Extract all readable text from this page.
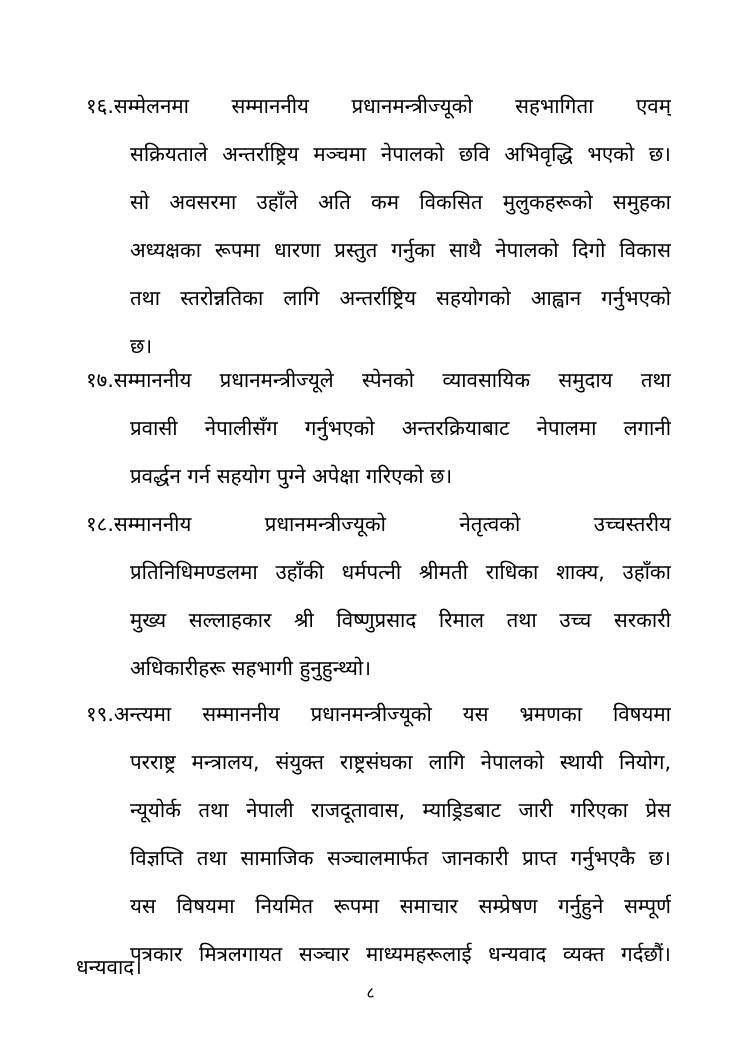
१६.सम्मेलनमा सम्माननीय प्रधानमन्त्रीज्यूको सहभागिता एवम्
सक्रियताले अन्तर्राष्ट्रिय मञ्चमा नेपालको छवि अभिवृद्धि भएको छ।
सो अवसरमा उहाँले अति कम विकसित मुलुकहरूको समुहका
अध्यक्षका रूपमा धारणा प्रस्तुत गर्नुका साथै नेपालको दिगो विकास
तथा स्तरोन्नतिका लागि अन्तर्राष्ट्रिय सहयोगको आह्वान गर्नुभएको
छ।
१७.सम्माननीय प्रधानमन्त्रीज्यूले स्पेनको व्यावसायिक समुदाय तथा
प्रवासी नेपालीसँग गर्नुभएको अन्तरक्रियाबाट नेपालमा लगानी
प्रवर्द्धन गर्न सहयोग पुग्ने अपेक्षा गरिएको छ।
१८.सम्माननीय	प्रधानमन्त्रीज्यूको	नेतृत्वको	उच्चस्तरीय
प्रतिनिधिमण्डलमा उहाँकी धर्मपत्नी श्रीमती राधिका शाक्य, उहाँका
मुख्य सल्लाहकार श्री विष्णुप्रसाद रिमाल तथा उच्च सरकारी
अधिकारीहरू सहभागी हुनुहुन्थ्यो।
१९.अन्त्यमा सम्माननीय प्रधानमन्त्रीज्यूको यस भ्रमणका विषयमा
परराष्ट्र मन्त्रालय, संयुक्त राष्ट्रसंघका लागि नेपालको स्थायी नियोग,
न्यूयोर्क तथा नेपाली राजदूतावास, म्याड्रिडबाट जारी गरिएका प्रेस
विज्ञप्ति तथा सामाजिक सञ्चालमार्फत जानकारी प्राप्त गर्नुभएकै छ।
यस विषयमा नियमित रूपमा समाचार सम्प्रेषण गर्नुहुने सम्पूर्ण
पत्रकार मित्रलगायत सञ्चार माध्यमहरूलाई धन्यवाद व्यक्त गर्दछौं।
धन्यवाद।
८
